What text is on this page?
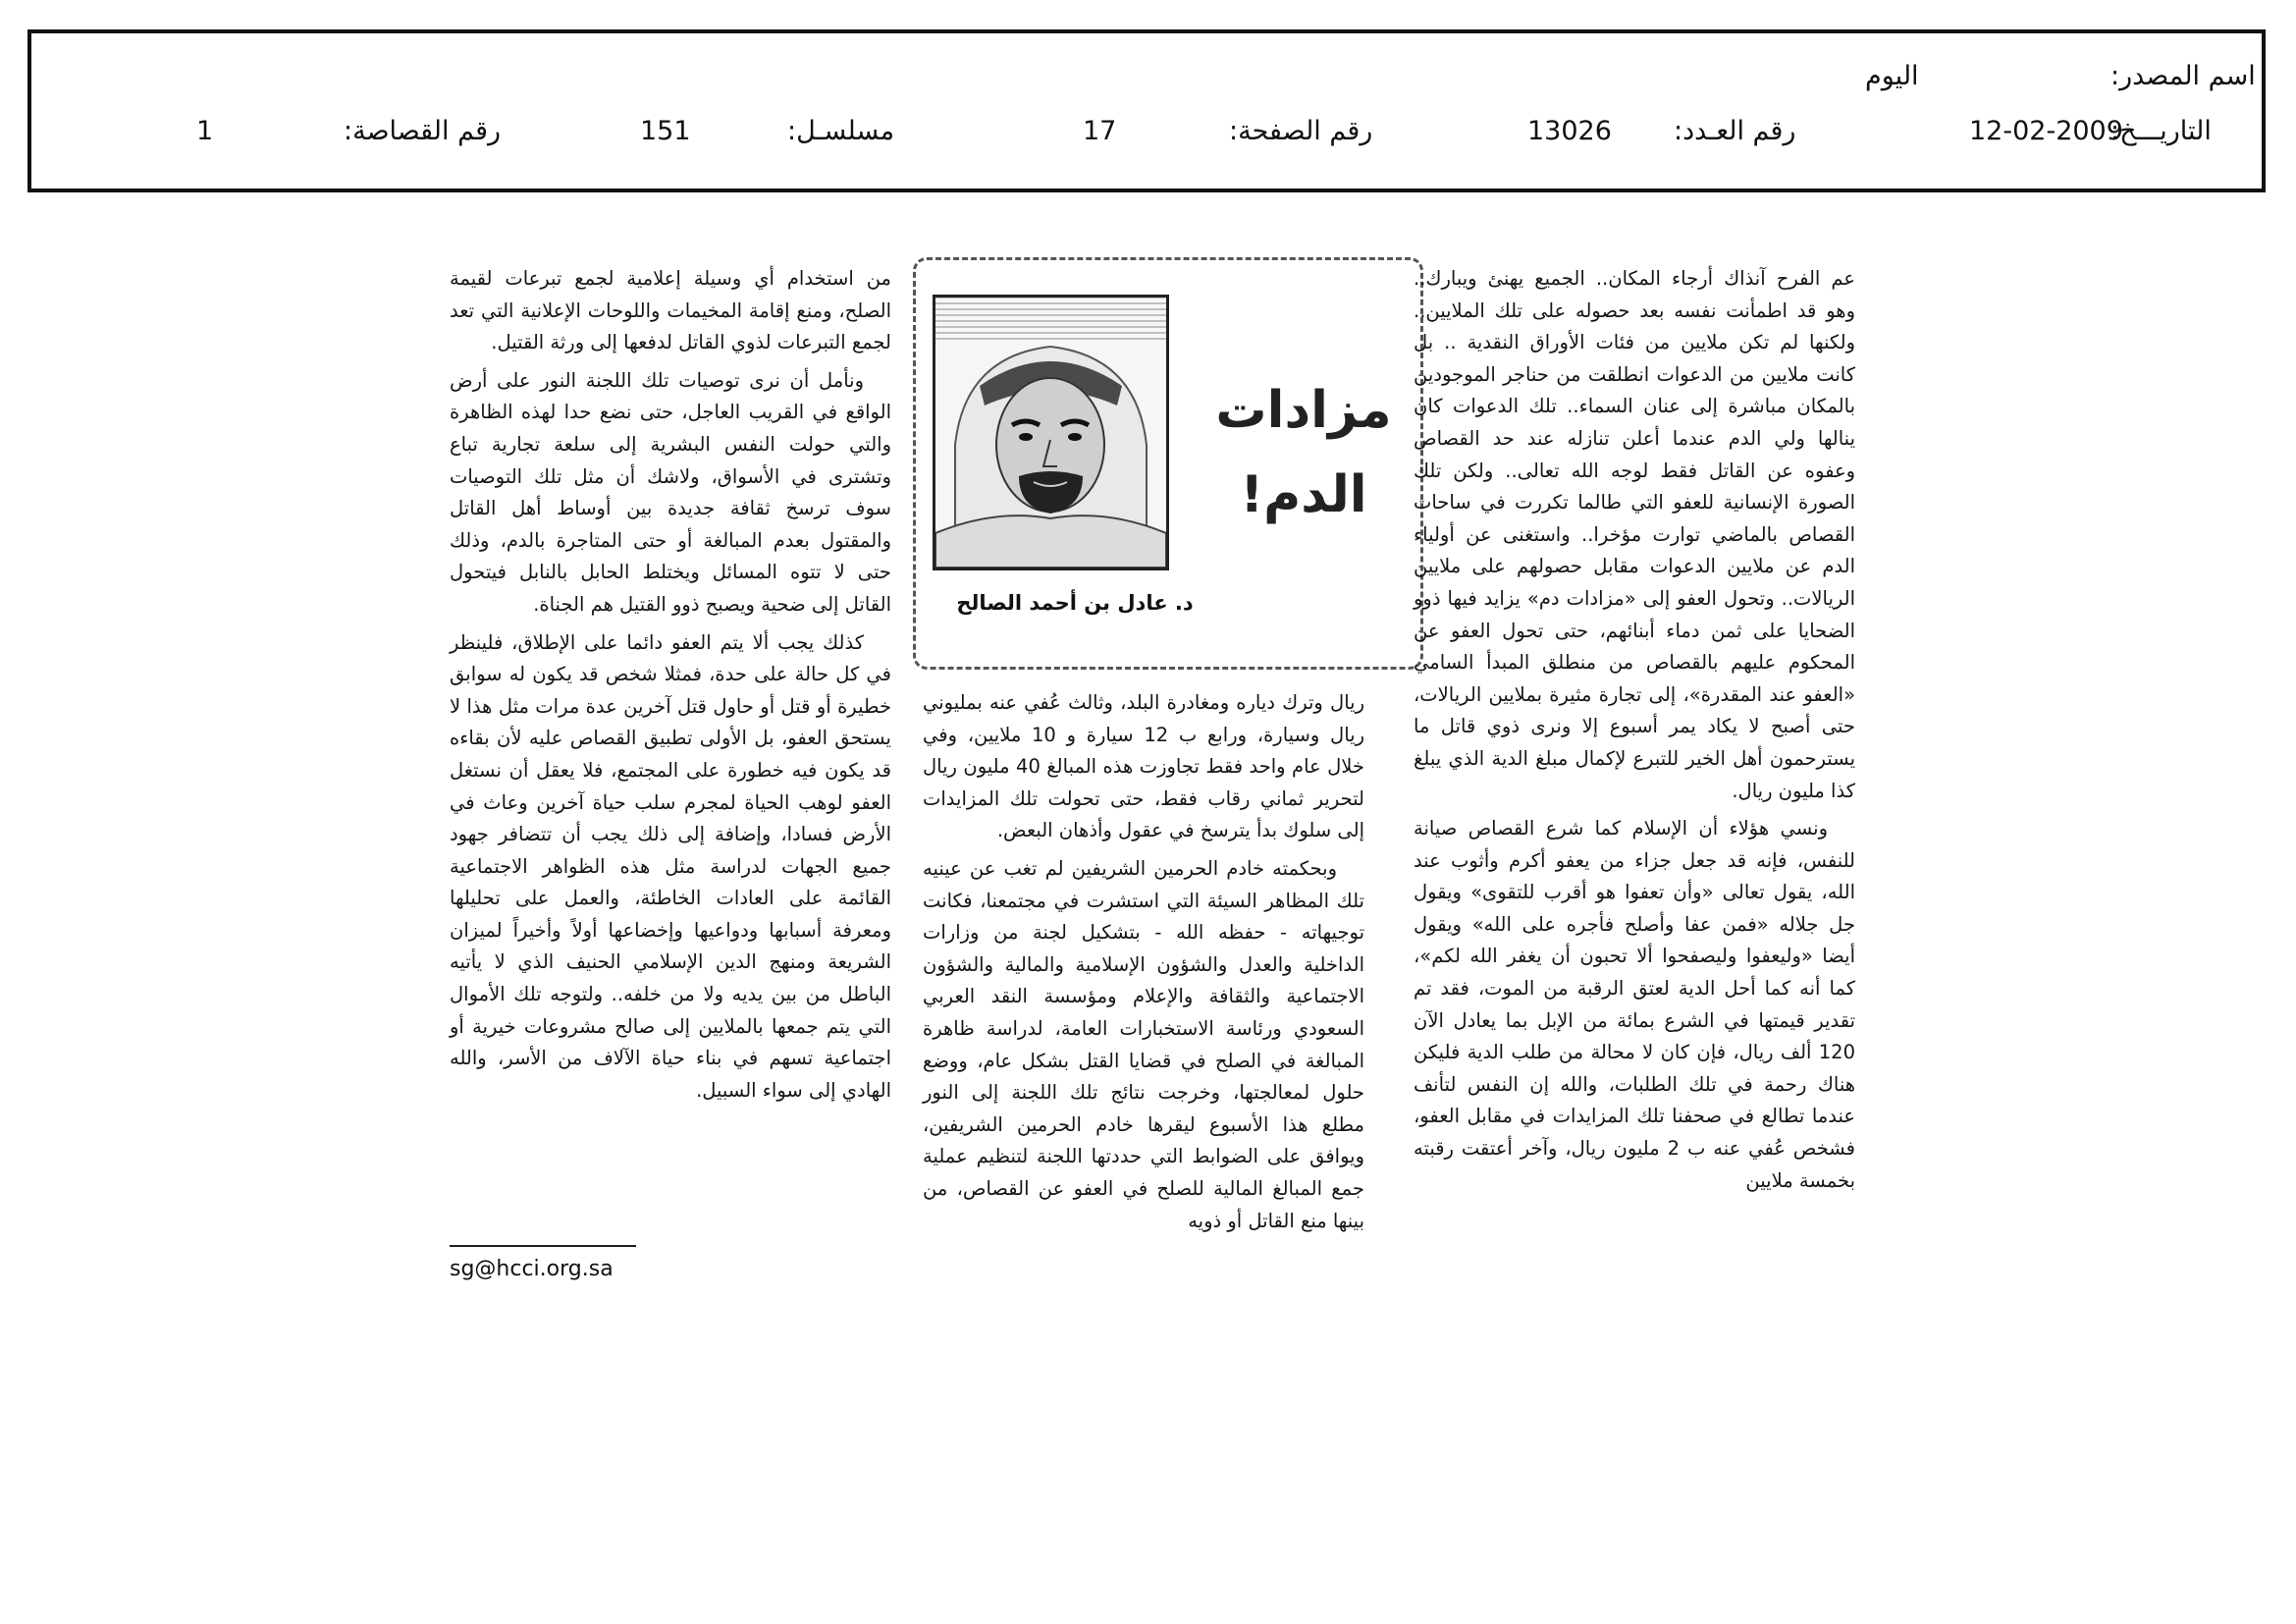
اسم المصدر:
اليوم
التاريـــخ:
12-02-2009
رقم العـدد:
13026
رقم الصفحة:
17
مسلسـل:
151
رقم القصاصة:
1
د. عادل بن أحمد الصالح
مزادات
الدم!

عم الفرح آنذاك أرجاء المكان.. الجميع يهنئ ويبارك.. وهو قد اطمأنت نفسه بعد حصوله على تلك الملايين.. ولكنها لم تكن ملايين من فئات الأوراق النقدية .. بل كانت ملايين من الدعوات انطلقت من حناجر الموجودين بالمكان مباشرة إلى عنان السماء.. تلك الدعوات كان ينالها ولي الدم عندما أعلن تنازله عند حد القصاص وعفوه عن القاتل فقط لوجه الله تعالى.. ولكن تلك الصورة الإنسانية للعفو التي طالما تكررت في ساحات القصاص بالماضي توارت مؤخرا.. واستغنى عن أولياء الدم عن ملايين الدعوات مقابل حصولهم على ملايين الريالات.. وتحول العفو إلى «مزادات دم» يزايد فيها ذوو الضحايا على ثمن دماء أبنائهم، حتى تحول العفو عن المحكوم عليهم بالقصاص من منطلق المبدأ السامي «العفو عند المقدرة»، إلى تجارة مثيرة بملايين الريالات، حتى أصبح لا يكاد يمر أسبوع إلا ونرى ذوي قاتل ما يسترحمون أهل الخير للتبرع لإكمال مبلغ الدية الذي يبلغ كذا مليون ريال.

ونسي هؤلاء أن الإسلام كما شرع القصاص صيانة للنفس، فإنه قد جعل جزاء من يعفو أكرم وأثوب عند الله، يقول تعالى «وأن تعفوا هو أقرب للتقوى» ويقول جل جلاله «فمن عفا وأصلح فأجره على الله» ويقول أيضا «وليعفوا وليصفحوا ألا تحبون أن يغفر الله لكم»، كما أنه كما أحل الدية لعتق الرقبة من الموت، فقد تم تقدير قيمتها في الشرع بمائة من الإبل بما يعادل الآن 120 ألف ريال، فإن كان لا محالة من طلب الدية فليكن هناك رحمة في تلك الطلبات، والله إن النفس لتأنف عندما تطالع في صحفنا تلك المزايدات في مقابل العفو، فشخص عُفي عنه ب 2 مليون ريال، وآخر أعتقت رقبته بخمسة ملايين

ريال وترك دياره ومغادرة البلد، وثالث عُفي عنه بمليوني ريال وسيارة، ورابع ب 12 سيارة و 10 ملايين، وفي خلال عام واحد فقط تجاوزت هذه المبالغ 40 مليون ريال لتحرير ثماني رقاب فقط، حتى تحولت تلك المزايدات إلى سلوك بدأ يترسخ في عقول وأذهان البعض.

وبحكمته خادم الحرمين الشريفين لم تغب عن عينيه تلك المظاهر السيئة التي استشرت في مجتمعنا، فكانت توجيهاته - حفظه الله - بتشكيل لجنة من وزارات الداخلية والعدل والشؤون الإسلامية والمالية والشؤون الاجتماعية والثقافة والإعلام ومؤسسة النقد العربي السعودي ورئاسة الاستخبارات العامة، لدراسة ظاهرة المبالغة في الصلح في قضايا القتل بشكل عام، ووضع حلول لمعالجتها، وخرجت نتائج تلك اللجنة إلى النور مطلع هذا الأسبوع ليقرها خادم الحرمين الشريفين، ويوافق على الضوابط التي حددتها اللجنة لتنظيم عملية جمع المبالغ المالية للصلح في العفو عن القصاص، من بينها منع القاتل أو ذويه

من استخدام أي وسيلة إعلامية لجمع تبرعات لقيمة الصلح، ومنع إقامة المخيمات واللوحات الإعلانية التي تعد لجمع التبرعات لذوي القاتل لدفعها إلى ورثة القتيل.

ونأمل أن نرى توصيات تلك اللجنة النور على أرض الواقع في القريب العاجل، حتى نضع حدا لهذه الظاهرة والتي حولت النفس البشرية إلى سلعة تجارية تباع وتشترى في الأسواق، ولاشك أن مثل تلك التوصيات سوف ترسخ ثقافة جديدة بين أوساط أهل القاتل والمقتول بعدم المبالغة أو حتى المتاجرة بالدم، وذلك حتى لا تتوه المسائل ويختلط الحابل بالنابل فيتحول القاتل إلى ضحية ويصبح ذوو القتيل هم الجناة.

كذلك يجب ألا يتم العفو دائما على الإطلاق، فلينظر في كل حالة على حدة، فمثلا شخص قد يكون له سوابق خطيرة أو قتل أو حاول قتل آخرين عدة مرات مثل هذا لا يستحق العفو، بل الأولى تطبيق القصاص عليه لأن بقاءه قد يكون فيه خطورة على المجتمع، فلا يعقل أن نستغل العفو لوهب الحياة لمجرم سلب حياة آخرين وعاث في الأرض فسادا، وإضافة إلى ذلك يجب أن تتضافر جهود جميع الجهات لدراسة مثل هذه الظواهر الاجتماعية القائمة على العادات الخاطئة، والعمل على تحليلها ومعرفة أسبابها ودواعيها وإخضاعها أولاً وأخيراً لميزان الشريعة ومنهج الدين الإسلامي الحنيف الذي لا يأتيه الباطل من بين يديه ولا من خلفه.. ولتوجه تلك الأموال التي يتم جمعها بالملايين إلى صالح مشروعات خيرية أو اجتماعية تسهم في بناء حياة الآلاف من الأسر، والله الهادي إلى سواء السبيل.

sg@hcci.org.sa
